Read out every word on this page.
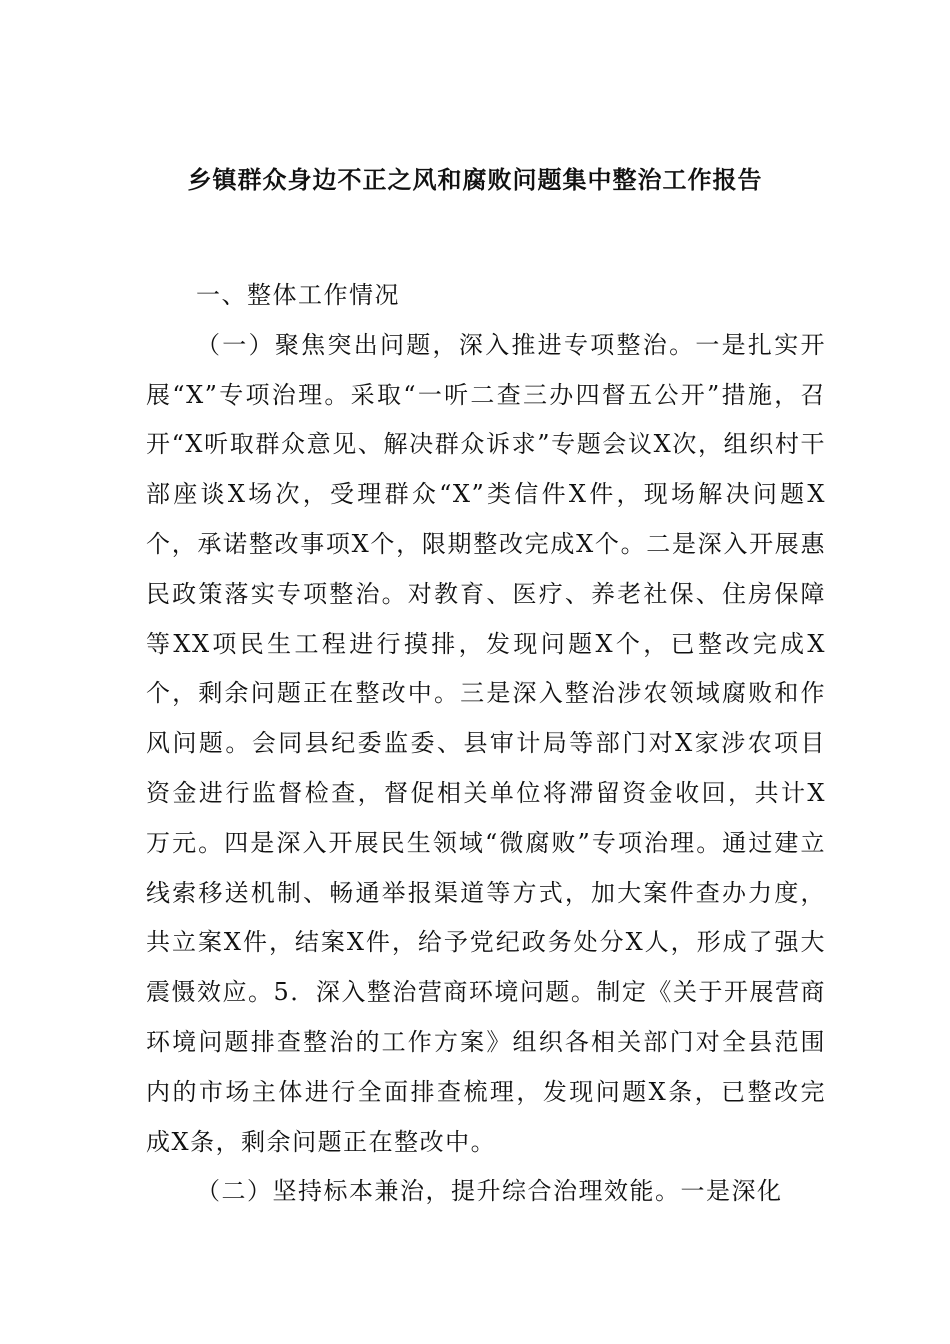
乡镇群众身边不正之风和腐败问题集中整治工作报告

一、整体工作情况

（一）聚焦突出问题，深入推进专项整治。一是扎实开展“X”专项治理。采取“一听二查三办四督五公开”措施，召开“X听取群众意见、解决群众诉求”专题会议X次，组织村干部座谈X场次，受理群众“X”类信件X件，现场解决问题X个，承诺整改事项X个，限期整改完成X个。二是深入开展惠民政策落实专项整治。对教育、医疗、养老社保、住房保障等XX项民生工程进行摸排，发现问题X个，已整改完成X个，剩余问题正在整改中。三是深入整治涉农领域腐败和作风问题。会同县纪委监委、县审计局等部门对X家涉农项目资金进行监督检查，督促相关单位将滞留资金收回，共计X万元。四是深入开展民生领域“微腐败”专项治理。通过建立线索移送机制、畅通举报渠道等方式，加大案件查办力度，共立案X件，结案X件，给予党纪政务处分X人，形成了强大震慑效应。5．深入整治营商环境问题。制定《关于开展营商环境问题排查整治的工作方案》组织各相关部门对全县范围内的市场主体进行全面排查梳理，发现问题X条，已整改完成X条，剩余问题正在整改中。

（二）坚持标本兼治，提升综合治理效能。一是深化
